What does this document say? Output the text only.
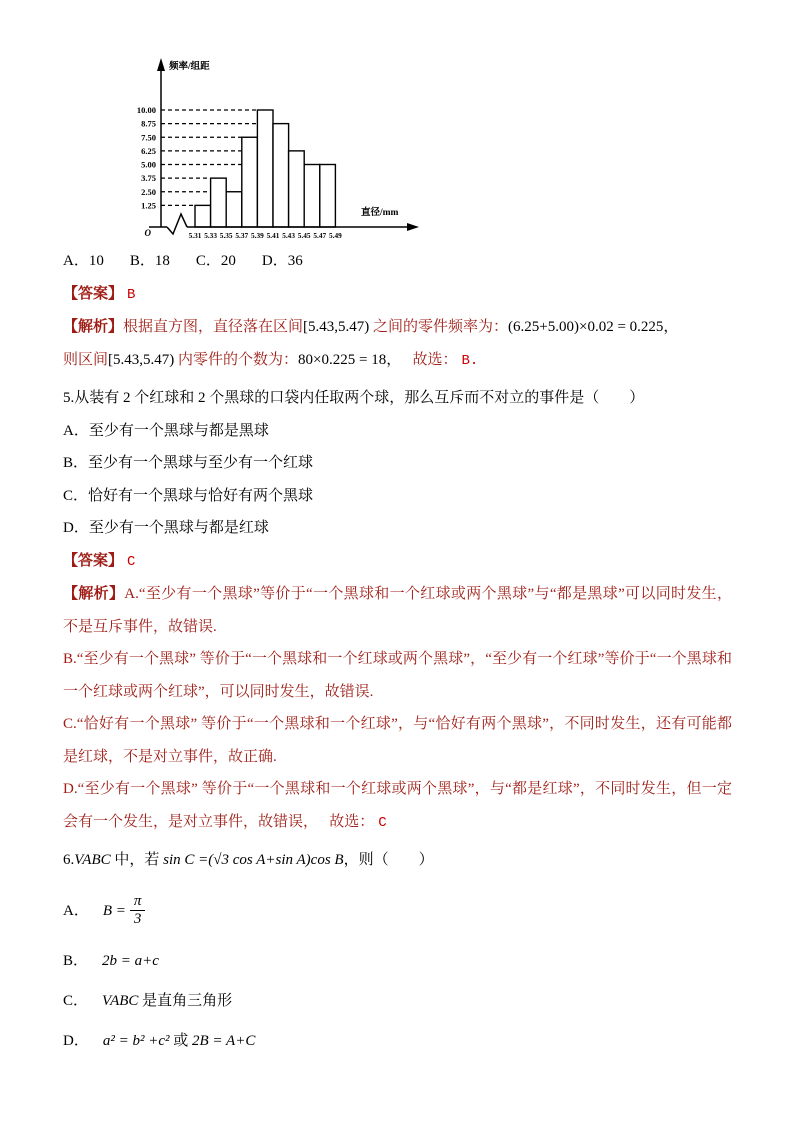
1.25
2.50
3.75
5.00
6.25
7.50
8.75
10.00
5.31 5.33 5.35 5.37 5.39 5.41 5.43 5.45 5.47 5.49
频率/组距
直径/mm
O
A．10 B．18 C．20 D．36
【答案】 B
【解析】根据直方图，直径落在区间[5.43,5.47) 之间的零件频率为：(6.25+5.00)×0.02 = 0.225，
则区间[5.43,5.47) 内零件的个数为：80×0.225 = 18，　 故选： B.
5.从装有 2 个红球和 2 个黑球的口袋内任取两个球，那么互斥而不对立的事件是（　　）
A．至少有一个黑球与都是黑球
B．至少有一个黑球与至少有一个红球
C．恰好有一个黑球与恰好有两个黑球
D．至少有一个黑球与都是红球
【答案】 C
【解析】A.“至少有一个黑球”等价于“一个黑球和一个红球或两个黑球”与“都是黑球”可以同时发生，不是互斥事件，故错误.
B.“至少有一个黑球” 等价于“一个黑球和一个红球或两个黑球”，“至少有一个红球”等价于“一个黑球和一个红球或两个红球”，可以同时发生，故错误.
C.“恰好有一个黑球” 等价于“一个黑球和一个红球”，与“恰好有两个黑球”，不同时发生，还有可能都是红球，不是对立事件，故正确.
D.“至少有一个黑球” 等价于“一个黑球和一个红球或两个黑球”，与“都是红球”，不同时发生，但一定会有一个发生，是对立事件，故错误，　 故选： C
6.VABC 中，若 sin C =(√3 cos A+sin A)cos B，则（　　）
A． $B = \frac{\pi}{3}$
B． 2b = a+c
C． VABC 是直角三角形
D． a² = b² +c² 或 2B = A+C
